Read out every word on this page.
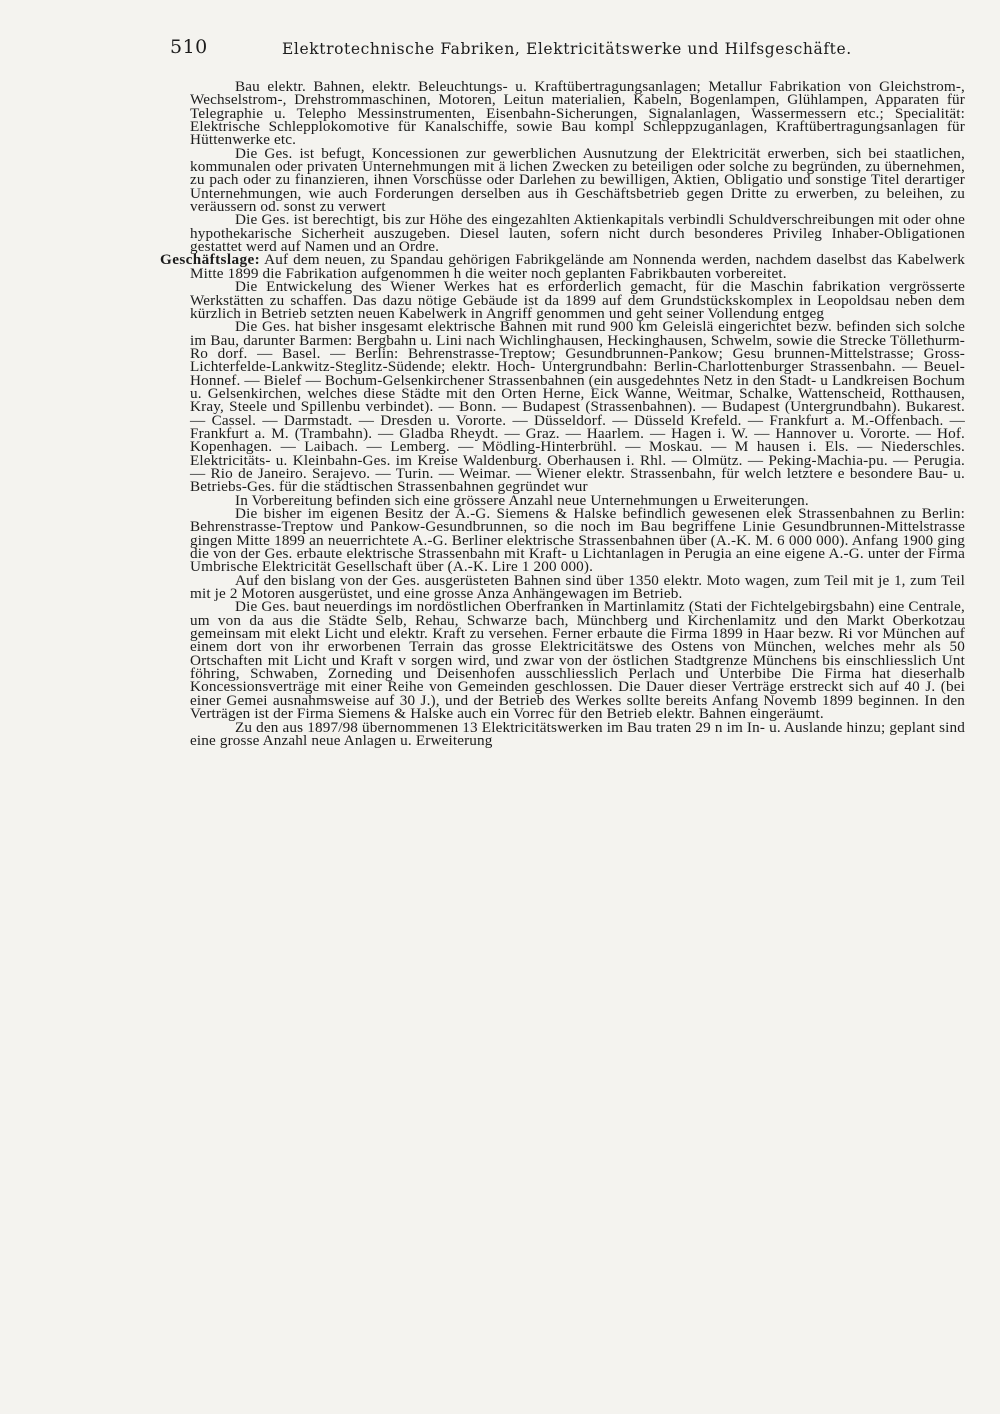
510	Elektrotechnische Fabriken, Elektricitätswerke und Hilfsgeschäfte.

Bau elektr. Bahnen, elektr. Beleuchtungs- u. Kraftübertragungsanlagen; Metallur Fabrikation von Gleichstrom-, Wechselstrom-, Drehstrommaschinen, Motoren, Leitun materialien, Kabeln, Bogenlampen, Glühlampen, Apparaten für Telegraphie u. Telepho Messinstrumenten, Eisenbahn-Sicherungen, Signalanlagen, Wassermessern etc.; Specialität: Elektrische Schlepplokomotive für Kanalschiffe, sowie Bau kompl Schleppzuganlagen, Kraftübertragungsanlagen für Hüttenwerke etc.

Die Ges. ist befugt, Koncessionen zur gewerblichen Ausnutzung der Elektricität erwerben, sich bei staatlichen, kommunalen oder privaten Unternehmungen mit ä lichen Zwecken zu beteiligen oder solche zu begründen, zu übernehmen, zu pach oder zu finanzieren, ihnen Vorschüsse oder Darlehen zu bewilligen, Aktien, Obligatio und sonstige Titel derartiger Unternehmungen, wie auch Forderungen derselben aus ih Geschäftsbetrieb gegen Dritte zu erwerben, zu beleihen, zu veräussern od. sonst zu verwert

Die Ges. ist berechtigt, bis zur Höhe des eingezahlten Aktienkapitals verbindli Schuldverschreibungen mit oder ohne hypothekarische Sicherheit auszugeben. Diesel lauten, sofern nicht durch besonderes Privileg Inhaber-Obligationen gestattet werd auf Namen und an Ordre.

Geschäftslage: Auf dem neuen, zu Spandau gehörigen Fabrikgelände am Nonnenda werden, nachdem daselbst das Kabelwerk Mitte 1899 die Fabrikation aufgenommen h die weiter noch geplanten Fabrikbauten vorbereitet.

Die Entwickelung des Wiener Werkes hat es erforderlich gemacht, für die Maschin fabrikation vergrösserte Werkstätten zu schaffen. Das dazu nötige Gebäude ist da 1899 auf dem Grundstückskomplex in Leopoldsau neben dem kürzlich in Betrieb setzten neuen Kabelwerk in Angriff genommen und geht seiner Vollendung entgeg

Die Ges. hat bisher insgesamt elektrische Bahnen mit rund 900 km Geleislä eingerichtet bezw. befinden sich solche im Bau, darunter Barmen: Bergbahn u. Lini nach Wichlinghausen, Heckinghausen, Schwelm, sowie die Strecke Töllethurm-Ro dorf. — Basel. — Berlin: Behrenstrasse-Treptow; Gesundbrunnen-Pankow; Gesu brunnen-Mittelstrasse; Gross-Lichterfelde-Lankwitz-Steglitz-Südende; elektr. Hoch- Untergrundbahn: Berlin-Charlottenburger Strassenbahn. — Beuel-Honnef. — Bielef — Bochum-Gelsenkirchener Strassenbahnen (ein ausgedehntes Netz in den Stadt- u Landkreisen Bochum u. Gelsenkirchen, welches diese Städte mit den Orten Herne, Eick Wanne, Weitmar, Schalke, Wattenscheid, Rotthausen, Kray, Steele und Spillenbu verbindet). — Bonn. — Budapest (Strassenbahnen). — Budapest (Untergrundbahn). Bukarest. — Cassel. — Darmstadt. — Dresden u. Vororte. — Düsseldorf. — Düsseld Krefeld. — Frankfurt a. M.-Offenbach. — Frankfurt a. M. (Trambahn). — Gladba Rheydt. — Graz. — Haarlem. — Hagen i. W. — Hannover u. Vororte. — Hof. Kopenhagen. — Laibach. — Lemberg. — Mödling-Hinterbrühl. — Moskau. — M hausen i. Els. — Niederschles. Elektricitäts- u. Kleinbahn-Ges. im Kreise Waldenburg. Oberhausen i. Rhl. — Olmütz. — Peking-Machia-pu. — Perugia. — Rio de Janeiro. Serajevo. — Turin. — Weimar. — Wiener elektr. Strassenbahn, für welch letztere e besondere Bau- u. Betriebs-Ges. für die städtischen Strassenbahnen gegründet wur

In Vorbereitung befinden sich eine grössere Anzahl neue Unternehmungen u Erweiterungen.

Die bisher im eigenen Besitz der A.-G. Siemens & Halske befindlich gewesenen elek Strassenbahnen zu Berlin: Behrenstrasse-Treptow und Pankow-Gesundbrunnen, so die noch im Bau begriffene Linie Gesundbrunnen-Mittelstrasse gingen Mitte 1899 an neuerrichtete A.-G. Berliner elektrische Strassenbahnen über (A.-K. M. 6 000 000). Anfang 1900 ging die von der Ges. erbaute elektrische Strassenbahn mit Kraft- u Lichtanlagen in Perugia an eine eigene A.-G. unter der Firma Umbrische Elektricität Gesellschaft über (A.-K. Lire 1 200 000).

Auf den bislang von der Ges. ausgerüsteten Bahnen sind über 1350 elektr. Moto wagen, zum Teil mit je 1, zum Teil mit je 2 Motoren ausgerüstet, und eine grosse Anza Anhängewagen im Betrieb.

Die Ges. baut neuerdings im nordöstlichen Oberfranken in Martinlamitz (Stati der Fichtelgebirgsbahn) eine Centrale, um von da aus die Städte Selb, Rehau, Schwarze bach, Münchberg und Kirchenlamitz und den Markt Oberkotzau gemeinsam mit elekt Licht und elektr. Kraft zu versehen. Ferner erbaute die Firma 1899 in Haar bezw. Ri vor München auf einem dort von ihr erworbenen Terrain das grosse Elektricitätswe des Ostens von München, welches mehr als 50 Ortschaften mit Licht und Kraft v sorgen wird, und zwar von der östlichen Stadtgrenze Münchens bis einschliesslich Unt föhring, Schwaben, Zorneding und Deisenhofen ausschliesslich Perlach und Unterbibe Die Firma hat dieserhalb Koncessionsverträge mit einer Reihe von Gemeinden geschlossen. Die Dauer dieser Verträge erstreckt sich auf 40 J. (bei einer Gemei ausnahmsweise auf 30 J.), und der Betrieb des Werkes sollte bereits Anfang Novemb 1899 beginnen. In den Verträgen ist der Firma Siemens & Halske auch ein Vorrec für den Betrieb elektr. Bahnen eingeräumt.

Zu den aus 1897/98 übernommenen 13 Elektricitätswerken im Bau traten 29 n im In- u. Auslande hinzu; geplant sind eine grosse Anzahl neue Anlagen u. Erweiterung
